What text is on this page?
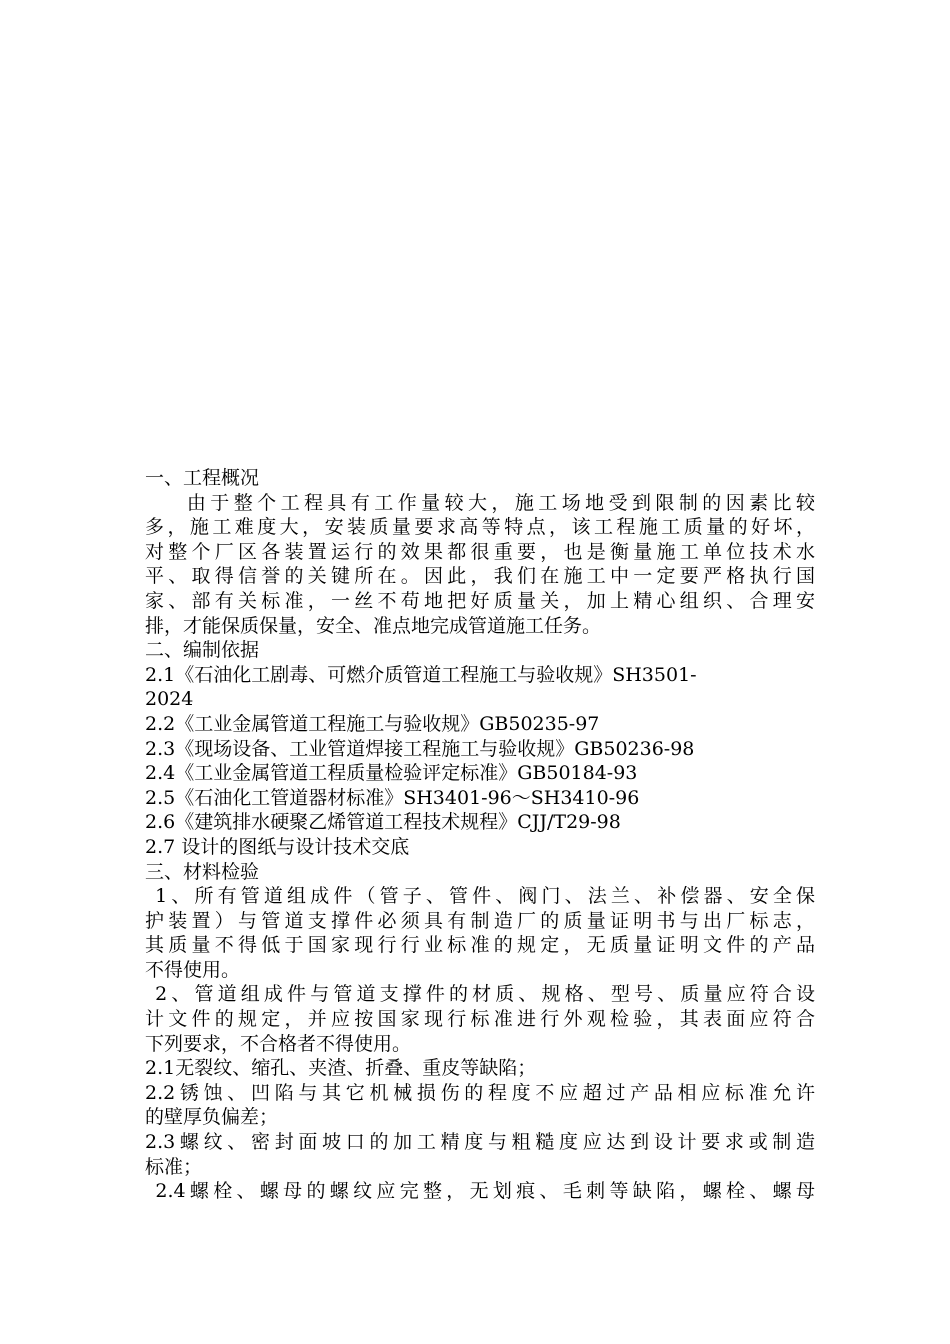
一、工程概况
由于整个工程具有工作量较大，施工场地受到限制的因素比较
多，施工难度大，安装质量要求高等特点，该工程施工质量的好坏，
对整个厂区各装置运行的效果都很重要，也是衡量施工单位技术水
平、取得信誉的关键所在。因此，我们在施工中一定要严格执行国
家、部有关标准，一丝不苟地把好质量关，加上精心组织、合理安
排，才能保质保量，安全、准点地完成管道施工任务。
二、编制依据
2.1《石油化工剧毒、可燃介质管道工程施工与验收规》SH3501-
2024
2.2《工业金属管道工程施工与验收规》GB50235-97
2.3《现场设备、工业管道焊接工程施工与验收规》GB50236-98
2.4《工业金属管道工程质量检验评定标准》GB50184-93
2.5《石油化工管道器材标准》SH3401-96～SH3410-96
2.6《建筑排水硬聚乙烯管道工程技术规程》CJJ/T29-98
2.7 设计的图纸与设计技术交底
三、材料检验
1、所有管道组成件（管子、管件、阀门、法兰、补偿器、安全保
护装置）与管道支撑件必须具有制造厂的质量证明书与出厂标志，
其质量不得低于国家现行行业标准的规定，无质量证明文件的产品
不得使用。
2、管道组成件与管道支撑件的材质、规格、型号、质量应符合设
计文件的规定，并应按国家现行标准进行外观检验，其表面应符合
下列要求，不合格者不得使用。
2.1无裂纹、缩孔、夹渣、折叠、重皮等缺陷；
2.2锈蚀、凹陷与其它机械损伤的程度不应超过产品相应标准允许
的壁厚负偏差；
2.3螺纹、密封面坡口的加工精度与粗糙度应达到设计要求或制造
标准；
2.4螺栓、螺母的螺纹应完整，无划痕、毛刺等缺陷，螺栓、螺母
